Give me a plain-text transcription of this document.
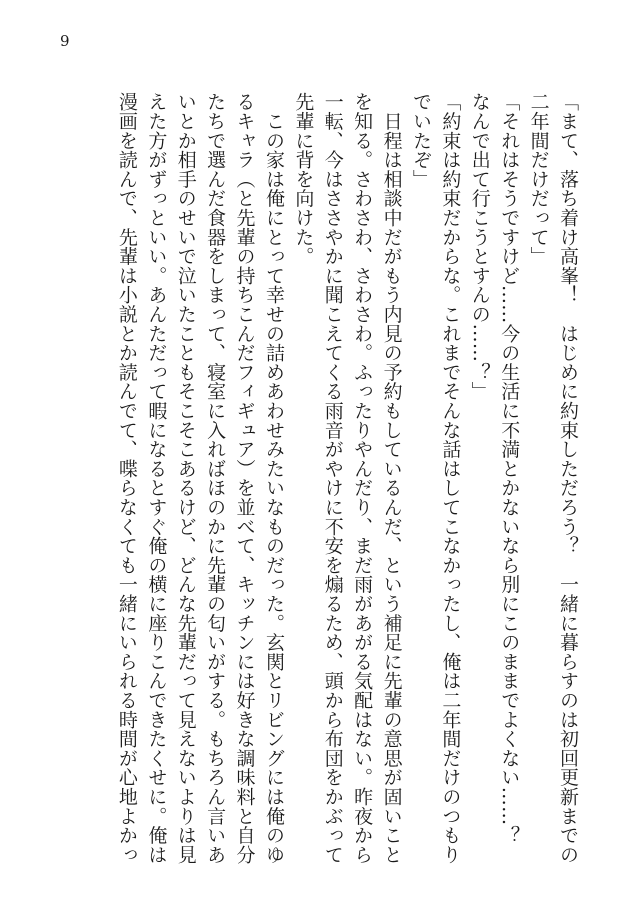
9
「まて、落ち着け高峯！　はじめに約束しただろう？　一緒に暮らすのは初回更新までの
二年間だけだって」
「それはそうですけど……今の生活に不満とかないなら別にこのままでよくない……？
なんで出て行こうとすんの……？」
「約束は約束だからな。これまでそんな話はしてこなかったし、俺は二年間だけのつもり
でいたぞ」
　日程は相談中だがもう内見の予約もしているんだ、という補足に先輩の意思が固いこと
を知る。さわさわ、さわさわ。ふったりやんだり、まだ雨があがる気配はない。昨夜から
一転、今はささやかに聞こえてくる雨音がやけに不安を煽るため、頭から布団をかぶって
先輩に背を向けた。
　この家は俺にとって幸せの詰めあわせみたいなものだった。玄関とリビングには俺のゆ
るキャラ（と先輩の持ちこんだフィギュア）を並べて、キッチンには好きな調味料と自分
たちで選んだ食器をしまって、寝室に入ればほのかに先輩の匂いがする。もちろん言いあ
いとか相手のせいで泣いたこともそこそこあるけど、どんな先輩だって見えないよりは見
えた方がずっといい。あんただって暇になるとすぐ俺の横に座りこんできたくせに。俺は
漫画を読んで、先輩は小説とか読んでて、喋らなくても一緒にいられる時間が心地よかっ
